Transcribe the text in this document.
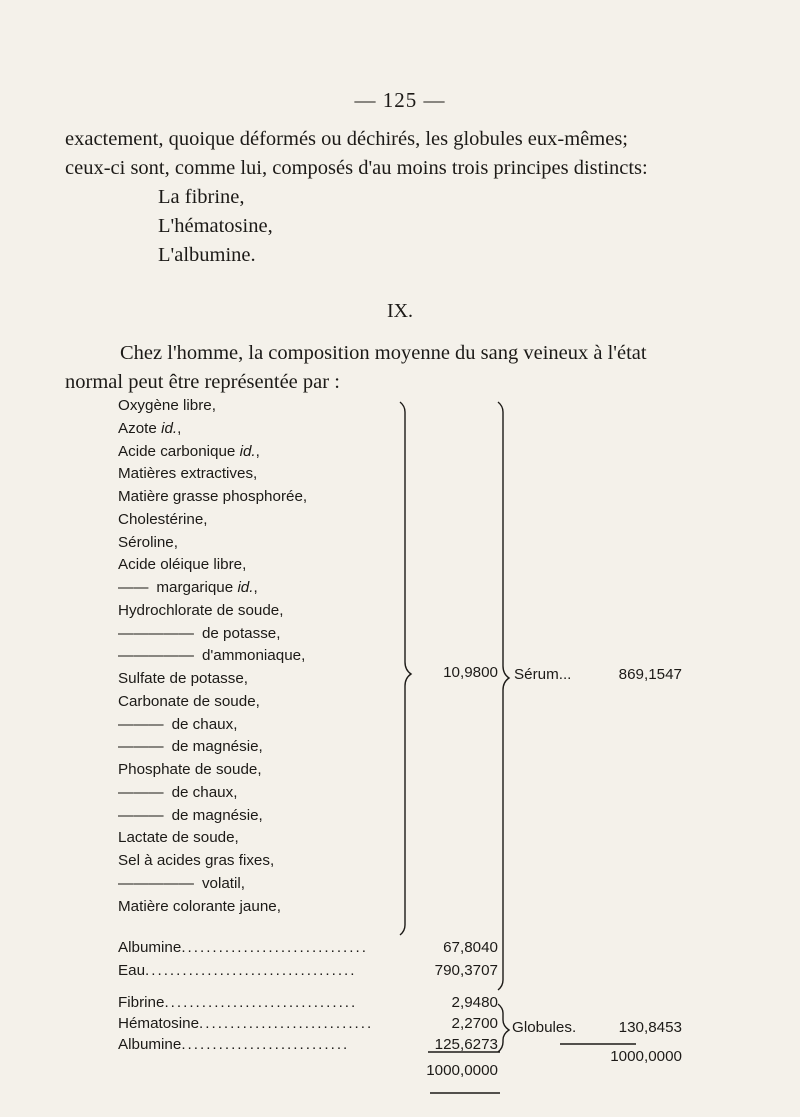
— 125 —
exactement, quoique déformés ou déchirés, les globules eux-mêmes;
ceux-ci sont, comme lui, composés d'au moins trois principes distincts:
La fibrine,
L'hématosine,
L'albumine.
IX.
Chez l'homme, la composition moyenne du sang veineux à l'état
normal peut être représentée par :
Oxygène libre,
Azote id.,
Acide carbonique id.,
Matières extractives,
Matière grasse phosphorée,
Cholestérine,
Séroline,
Acide oléique libre,
—— margarique id.,
Hydrochlorate de soude,
————— de potasse,
————— d'ammoniaque,
Sulfate de potasse,
Carbonate de soude,
——— de chaux,
——— de magnésie,
Phosphate de soude,
——— de chaux,
——— de magnésie,
Lactate de soude,
Sel à acides gras fixes,
————— volatil,
Matière colorante jaune,
10,9800
Albumine..............................	67,8040
Eau..................................	790,3707
Sérum...	869,1547
Fibrine...............................	2,9480
Hématosine............................	2,2700
Albumine...........................	125,6273
Globules.	130,8453
1000,0000
1000,0000
